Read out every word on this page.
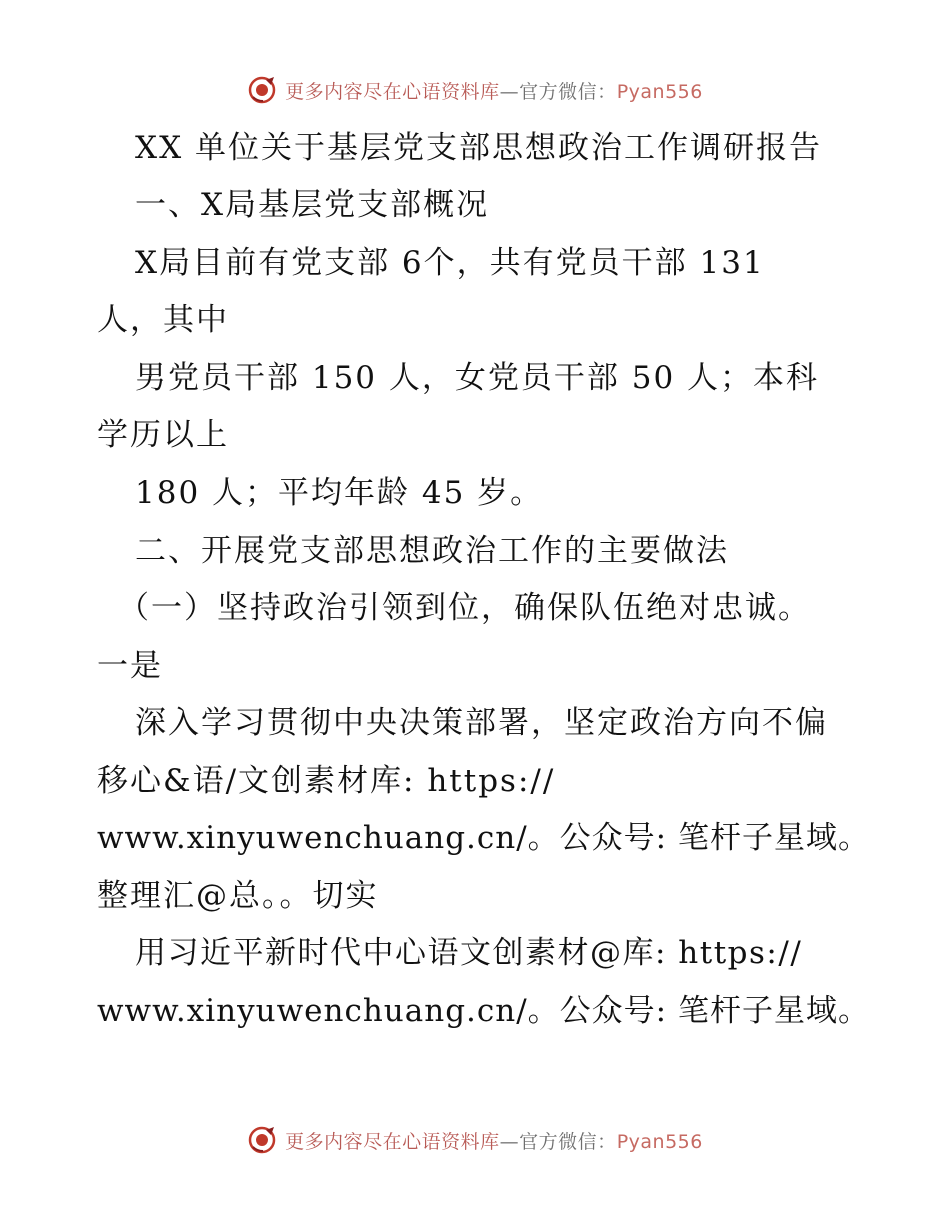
更多内容尽在心语资料库—官方微信：Pyan556
XX 单位关于基层党支部思想政治工作调研报告
一、X局基层党支部概况
X局目前有党支部 6个，共有党员干部 131
人，其中
男党员干部 150 人，女党员干部 50 人；本科
学历以上
180 人；平均年龄 45 岁。
二、开展党支部思想政治工作的主要做法
（一）坚持政治引领到位，确保队伍绝对忠诚。
一是
深入学习贯彻中央决策部署，坚定政治方向不偏
移心&语/文创素材库: https://
www.xinyuwenchuang.cn/。公众号: 笔杆子星域。
整理汇@总。。切实
用习近平新时代中心语文创素材@库: https://
www.xinyuwenchuang.cn/。公众号: 笔杆子星域。
更多内容尽在心语资料库—官方微信：Pyan556
